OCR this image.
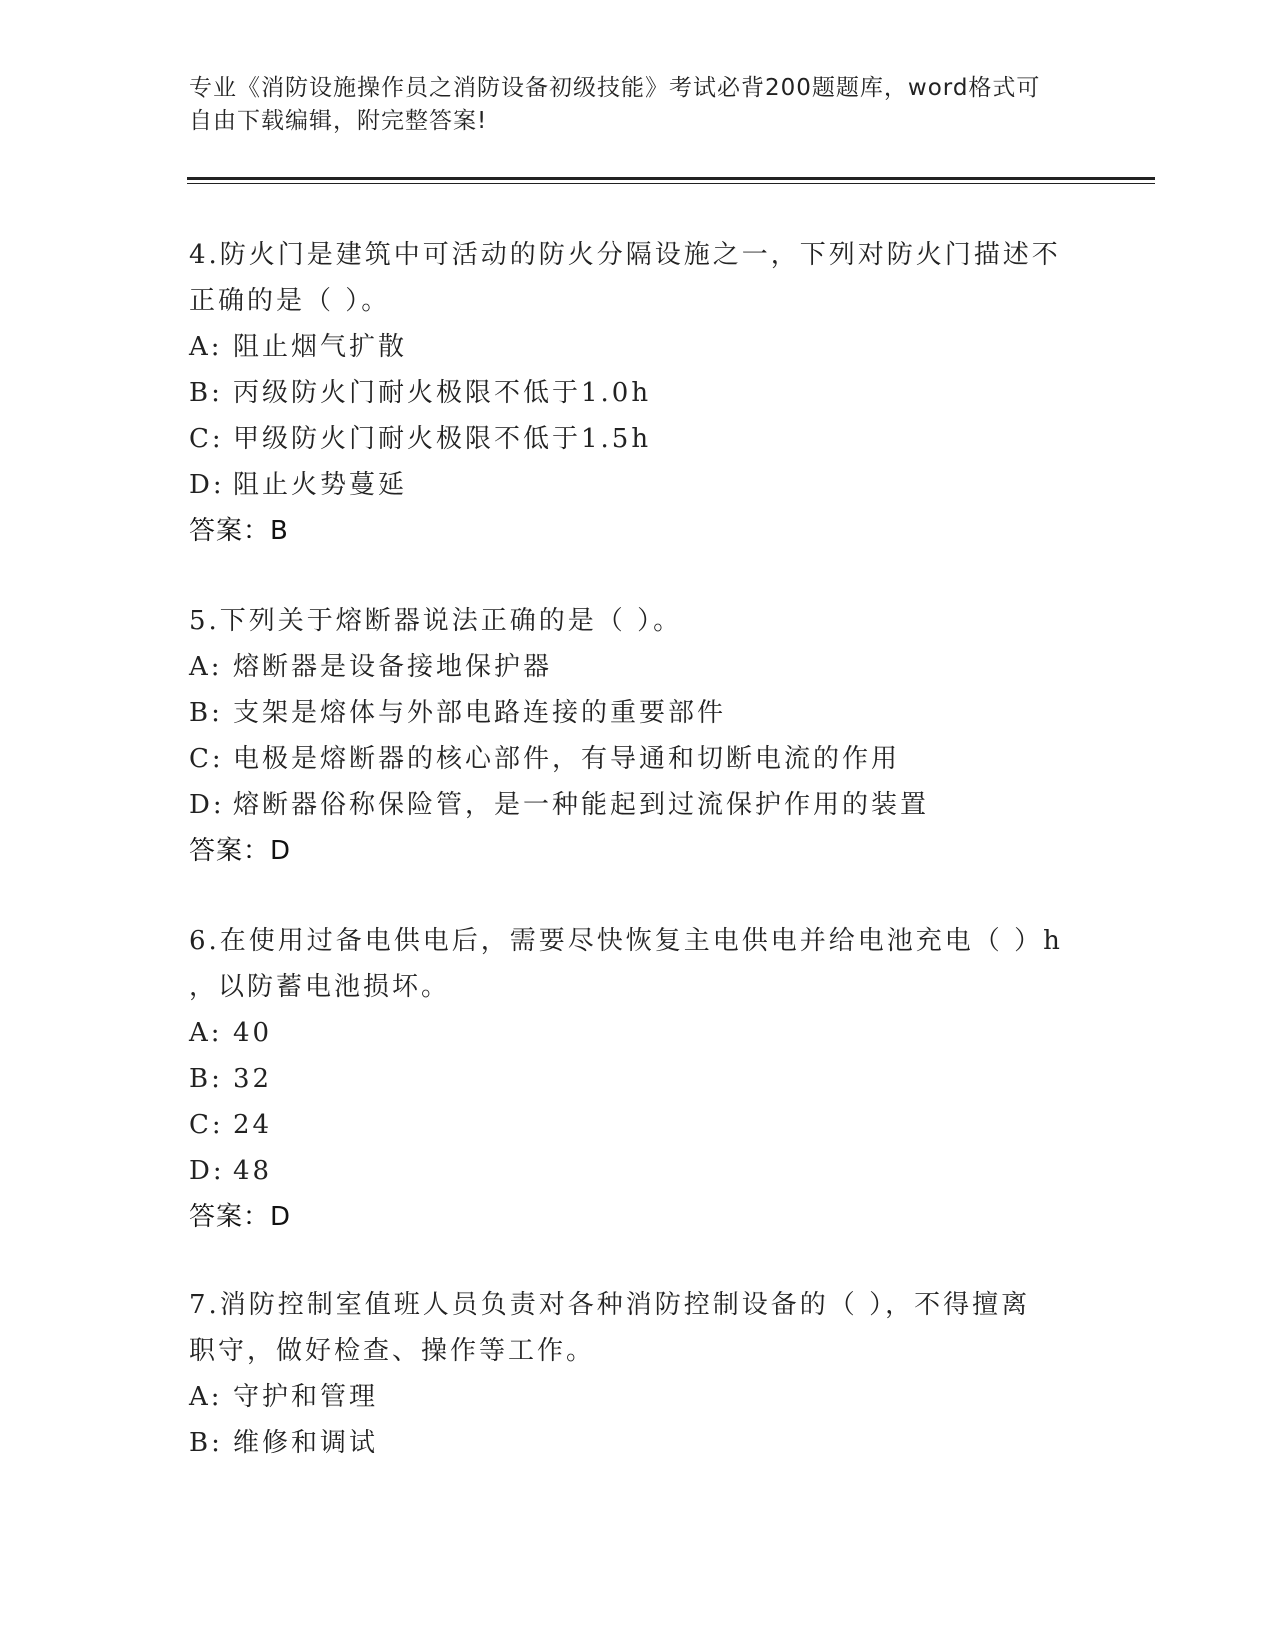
专业《消防设施操作员之消防设备初级技能》考试必背200题题库，word格式可
自由下载编辑，附完整答案!
4.防火门是建筑中可活动的防火分隔设施之一，下列对防火门描述不
正确的是（ ）。
A: 阻止烟气扩散
B: 丙级防火门耐火极限不低于1.0h
C: 甲级防火门耐火极限不低于1.5h
D: 阻止火势蔓延
答案：B
5.下列关于熔断器说法正确的是（ ）。
A: 熔断器是设备接地保护器
B: 支架是熔体与外部电路连接的重要部件
C: 电极是熔断器的核心部件，有导通和切断电流的作用
D: 熔断器俗称保险管，是一种能起到过流保护作用的装置
答案：D
6.在使用过备电供电后，需要尽快恢复主电供电并给电池充电（ ）h
，以防蓄电池损坏。
A: 40
B: 32
C: 24
D: 48
答案：D
7.消防控制室值班人员负责对各种消防控制设备的（ ），不得擅离
职守，做好检查、操作等工作。
A: 守护和管理
B: 维修和调试
